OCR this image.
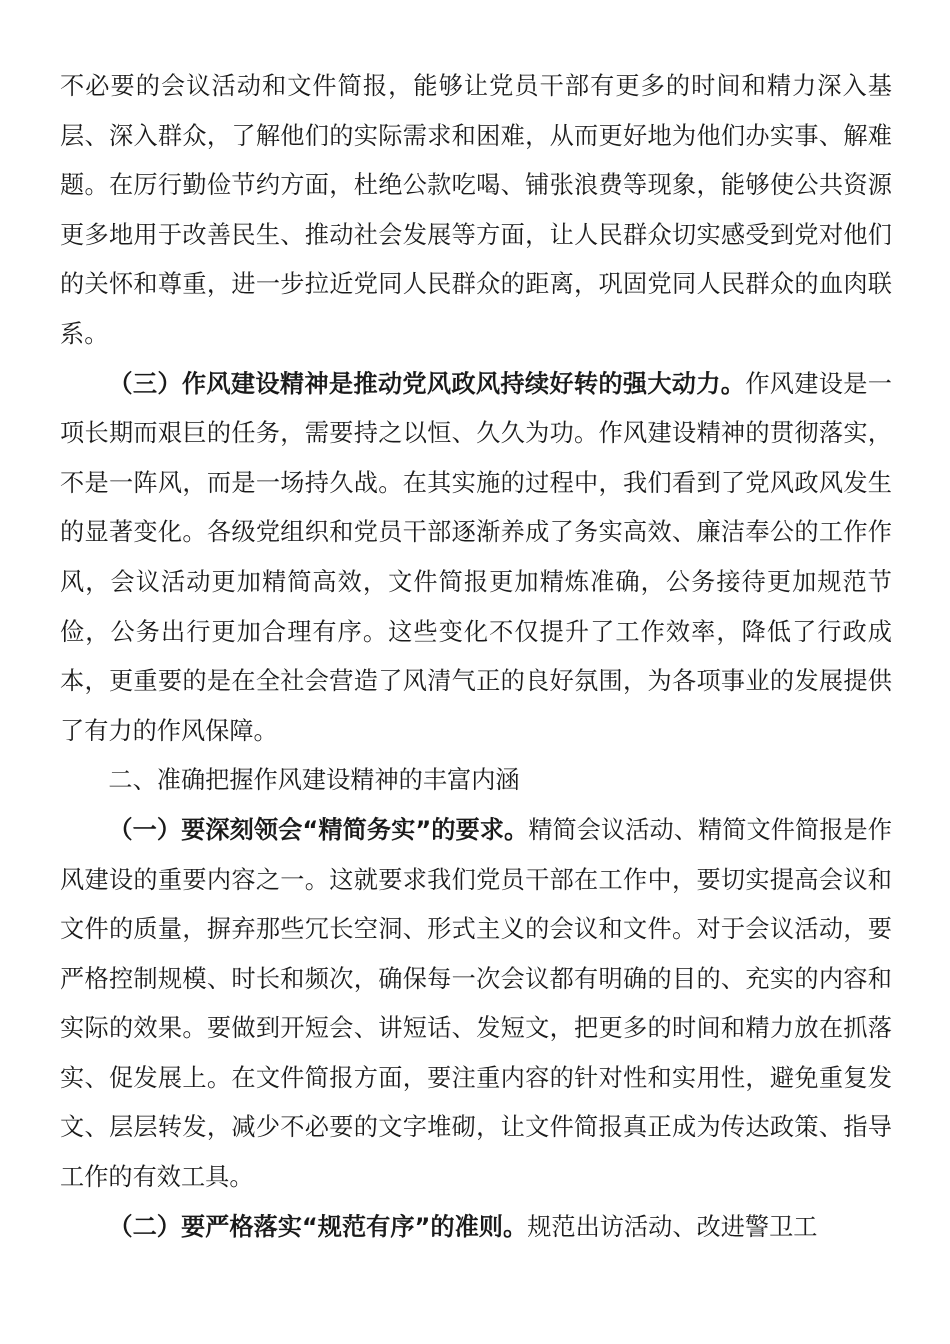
不必要的会议活动和文件简报，能够让党员干部有更多的时间和精力深入基层、深入群众，了解他们的实际需求和困难，从而更好地为他们办实事、解难题。在厉行勤俭节约方面，杜绝公款吃喝、铺张浪费等现象，能够使公共资源更多地用于改善民生、推动社会发展等方面，让人民群众切实感受到党对他们的关怀和尊重，进一步拉近党同人民群众的距离，巩固党同人民群众的血肉联系。

（三）作风建设精神是推动党风政风持续好转的强大动力。作风建设是一项长期而艰巨的任务，需要持之以恒、久久为功。作风建设精神的贯彻落实，不是一阵风，而是一场持久战。在其实施的过程中，我们看到了党风政风发生的显著变化。各级党组织和党员干部逐渐养成了务实高效、廉洁奉公的工作作风，会议活动更加精简高效，文件简报更加精炼准确，公务接待更加规范节俭，公务出行更加合理有序。这些变化不仅提升了工作效率，降低了行政成本，更重要的是在全社会营造了风清气正的良好氛围，为各项事业的发展提供了有力的作风保障。

二、准确把握作风建设精神的丰富内涵

（一）要深刻领会“精简务实”的要求。精简会议活动、精简文件简报是作风建设的重要内容之一。这就要求我们党员干部在工作中，要切实提高会议和文件的质量，摒弃那些冗长空洞、形式主义的会议和文件。对于会议活动，要严格控制规模、时长和频次，确保每一次会议都有明确的目的、充实的内容和实际的效果。要做到开短会、讲短话、发短文，把更多的时间和精力放在抓落实、促发展上。在文件简报方面，要注重内容的针对性和实用性，避免重复发文、层层转发，减少不必要的文字堆砌，让文件简报真正成为传达政策、指导工作的有效工具。

（二）要严格落实“规范有序”的准则。规范出访活动、改进警卫工
